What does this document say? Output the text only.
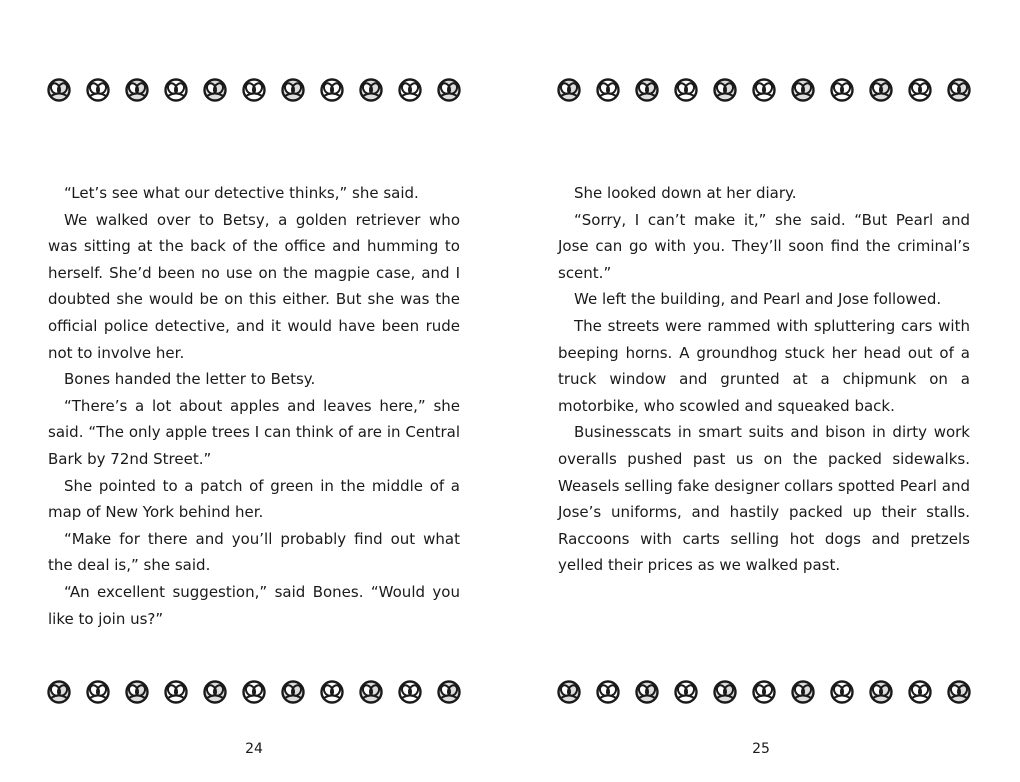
“Let’s see what our detective thinks,” she said.

We walked over to Betsy, a golden retriever who was sitting at the back of the office and humming to herself. She’d been no use on the magpie case, and I doubted she would be on this either. But she was the official police detective, and it would have been rude not to involve her.

Bones handed the letter to Betsy.

“There’s a lot about apples and leaves here,” she said. “The only apple trees I can think of are in Central Bark by 72nd Street.”

She pointed to a patch of green in the middle of a map of New York behind her.

“Make for there and you’ll probably find out what the deal is,” she said.

“An excellent suggestion,” said Bones. “Would you like to join us?”

24

She looked down at her diary.

“Sorry, I can’t make it,” she said. “But Pearl and Jose can go with you. They’ll soon find the criminal’s scent.”

We left the building, and Pearl and Jose followed.

The streets were rammed with spluttering cars with beeping horns. A groundhog stuck her head out of a truck window and grunted at a chipmunk on a motorbike, who scowled and squeaked back.

Businesscats in smart suits and bison in dirty work overalls pushed past us on the packed sidewalks. Weasels selling fake designer collars spotted Pearl and Jose’s uniforms, and hastily packed up their stalls. Raccoons with carts selling hot dogs and pretzels yelled their prices as we walked past.

25
